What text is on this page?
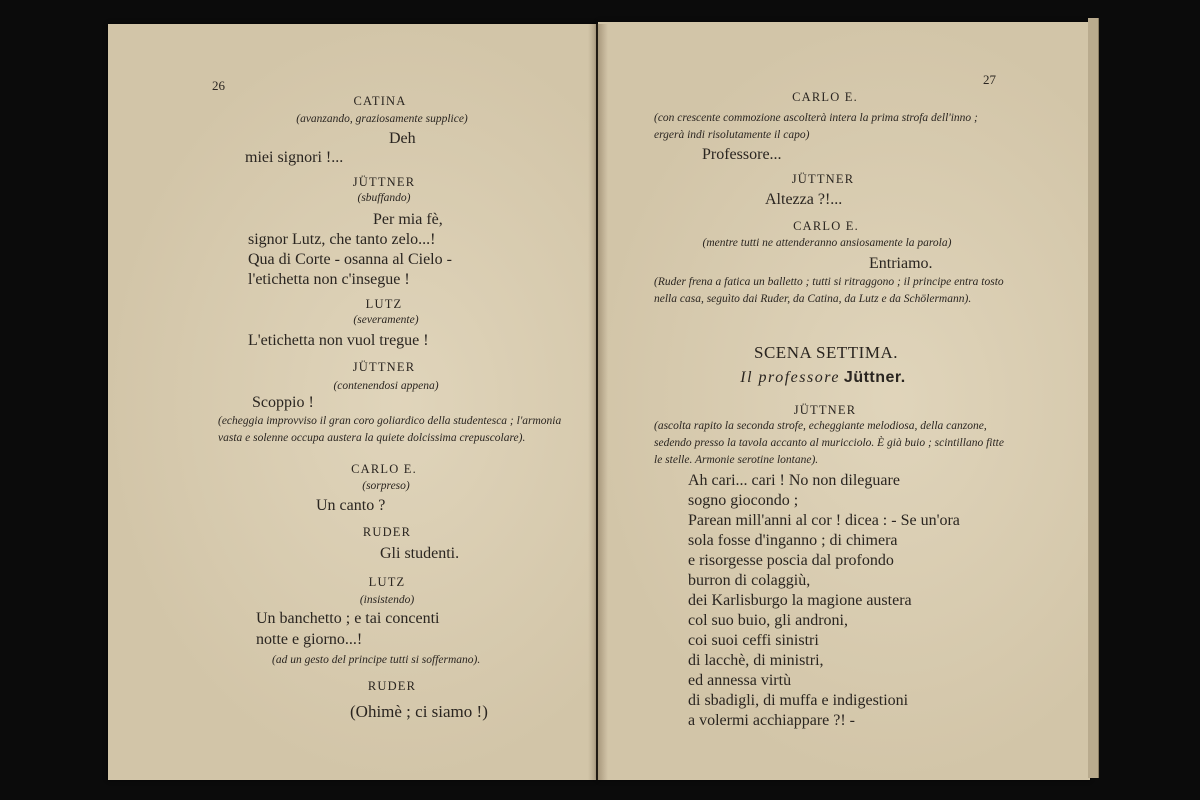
26
CATINA
(avanzando, graziosamente supplice)
Deh
miei signori !...
JÜTTNER
(sbuffando)
Per mia fè,
signor Lutz, che tanto zelo...!
Qua di Corte - osanna al Cielo -
l'etichetta non c'insegue !
LUTZ
(severamente)
L'etichetta non vuol tregue !
JÜTTNER
(contenendosi appena)
Scoppio !
(echeggia improvviso il gran coro goliardico della studentesca ; l'armonia vasta e solenne occupa austera la quiete dolcissima crepuscolare).
CARLO E.
(sorpreso)
Un canto ?
RUDER
Gli studenti.
LUTZ
(insistendo)
Un banchetto ; e tai concenti
notte e giorno...!
(ad un gesto del principe tutti si soffermano).
RUDER
(Ohimè ; ci siamo !)
27
CARLO E.
(con crescente commozione ascolterà intera la prima strofa dell'inno ; ergerà indi risolutamente il capo)
Professore...
JÜTTNER
Altezza ?!...
CARLO E.
(mentre tutti ne attenderanno ansiosamente la parola)
Entriamo.
(Ruder frena a fatica un balletto ; tutti si ritraggono ; il principe entra tosto nella casa, seguìto dai Ruder, da Catina, da Lutz e da Schölermann).
SCENA SETTIMA.
Il professore Jüttner.
JÜTTNER
(ascolta rapito la seconda strofe, echeggiante melodiosa, della canzone, sedendo presso la tavola accanto al muricciolo. È già buio ; scintillano fitte le stelle. Armonie serotine lontane).
Ah cari... cari ! No non dileguare
sogno giocondo ;
Parean mill'anni al cor ! dicea : - Se un'ora
sola fosse d'inganno ; di chimera
e risorgesse poscia dal profondo
burron di colaggiù,
dei Karlisburgo la magione austera
col suo buio, gli androni,
coi suoi ceffi sinistri
di lacchè, di ministri,
ed annessa virtù
di sbadigli, di muffa e indigestioni
a volermi acchiappare ?! -
